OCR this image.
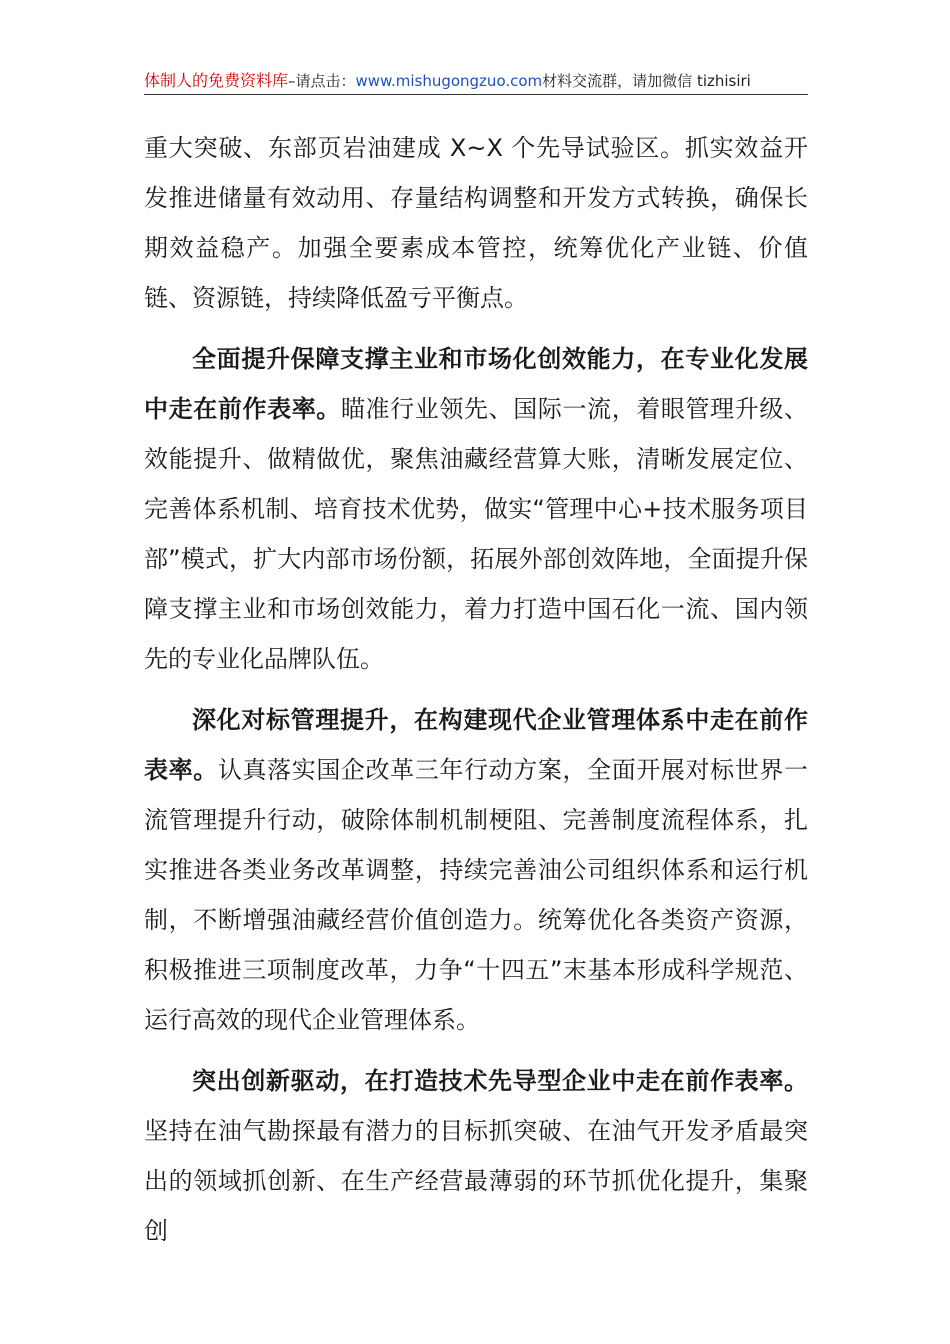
体制人的免费资料库–请点击：www.mishugongzuo.com材料交流群，请加微信 tizhisiri

重大突破、东部页岩油建成 X~X 个先导试验区。抓实效益开发推进储量有效动用、存量结构调整和开发方式转换，确保长期效益稳产。加强全要素成本管控，统筹优化产业链、价值链、资源链，持续降低盈亏平衡点。

全面提升保障支撑主业和市场化创效能力，在专业化发展中走在前作表率。瞄准行业领先、国际一流，着眼管理升级、效能提升、做精做优，聚焦油藏经营算大账，清晰发展定位、完善体系机制、培育技术优势，做实“管理中心+技术服务项目部”模式，扩大内部市场份额，拓展外部创效阵地，全面提升保障支撑主业和市场创效能力，着力打造中国石化一流、国内领先的专业化品牌队伍。

深化对标管理提升，在构建现代企业管理体系中走在前作表率。认真落实国企改革三年行动方案，全面开展对标世界一流管理提升行动，破除体制机制梗阻、完善制度流程体系，扎实推进各类业务改革调整，持续完善油公司组织体系和运行机制，不断增强油藏经营价值创造力。统筹优化各类资产资源，积极推进三项制度改革，力争“十四五”末基本形成科学规范、运行高效的现代企业管理体系。

突出创新驱动，在打造技术先导型企业中走在前作表率。坚持在油气勘探最有潜力的目标抓突破、在油气开发矛盾最突出的领域抓创新、在生产经营最薄弱的环节抓优化提升，集聚创
